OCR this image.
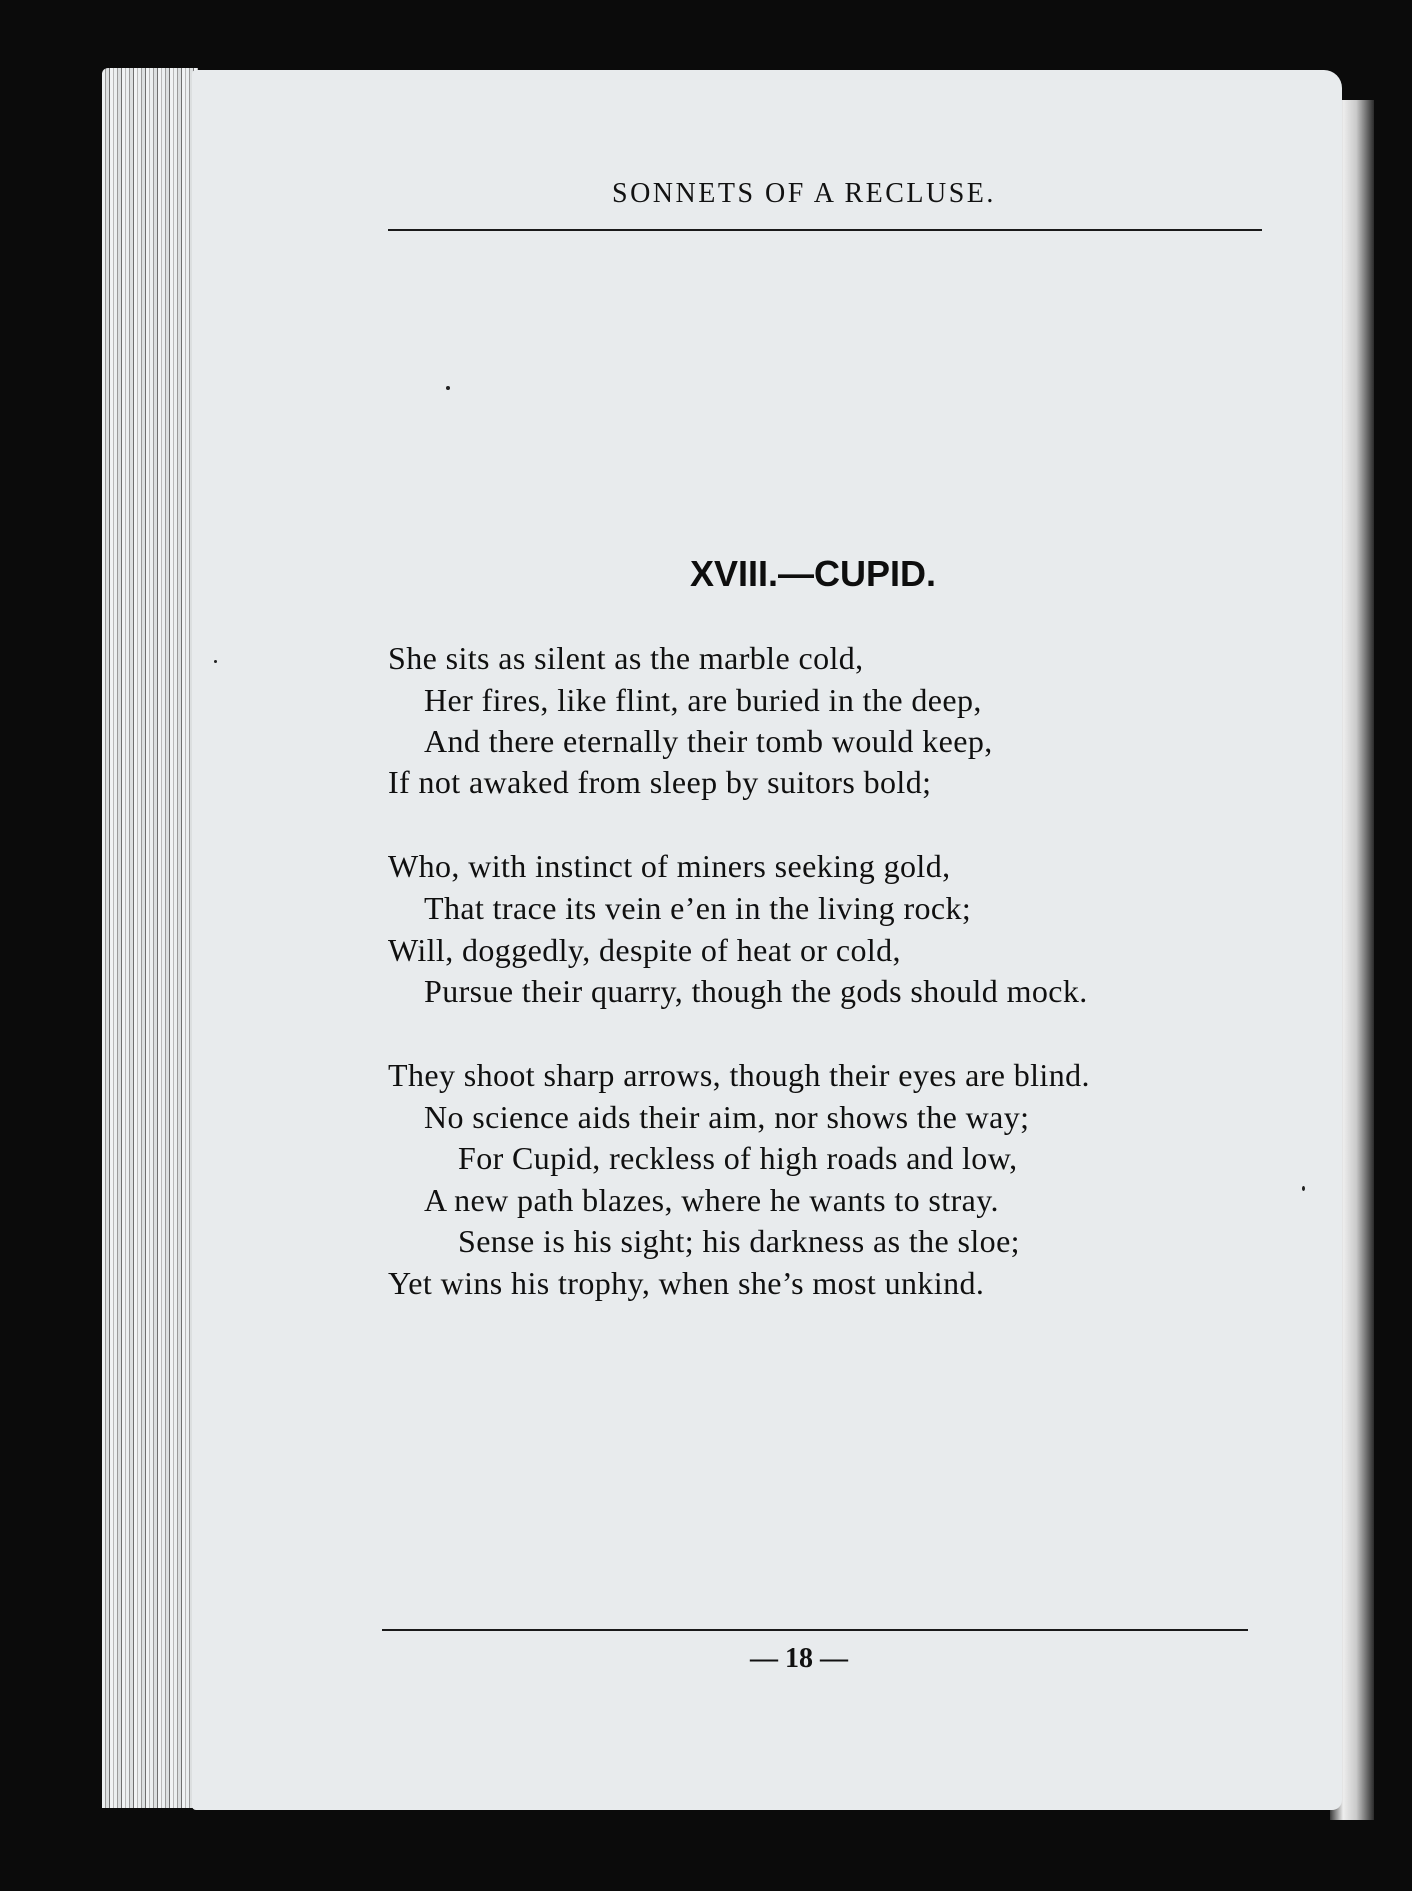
SONNETS OF A RECLUSE.
XVIII.—CUPID.
She sits as silent as the marble cold,
Her fires, like flint, are buried in the deep,
And there eternally their tomb would keep,
If not awaked from sleep by suitors bold;
Who, with instinct of miners seeking gold,
That trace its vein e’en in the living rock;
Will, doggedly, despite of heat or cold,
Pursue their quarry, though the gods should mock.
They shoot sharp arrows, though their eyes are blind.
No science aids their aim, nor shows the way;
For Cupid, reckless of high roads and low,
A new path blazes, where he wants to stray.
Sense is his sight; his darkness as the sloe;
Yet wins his trophy, when she’s most unkind.
— 18 —
